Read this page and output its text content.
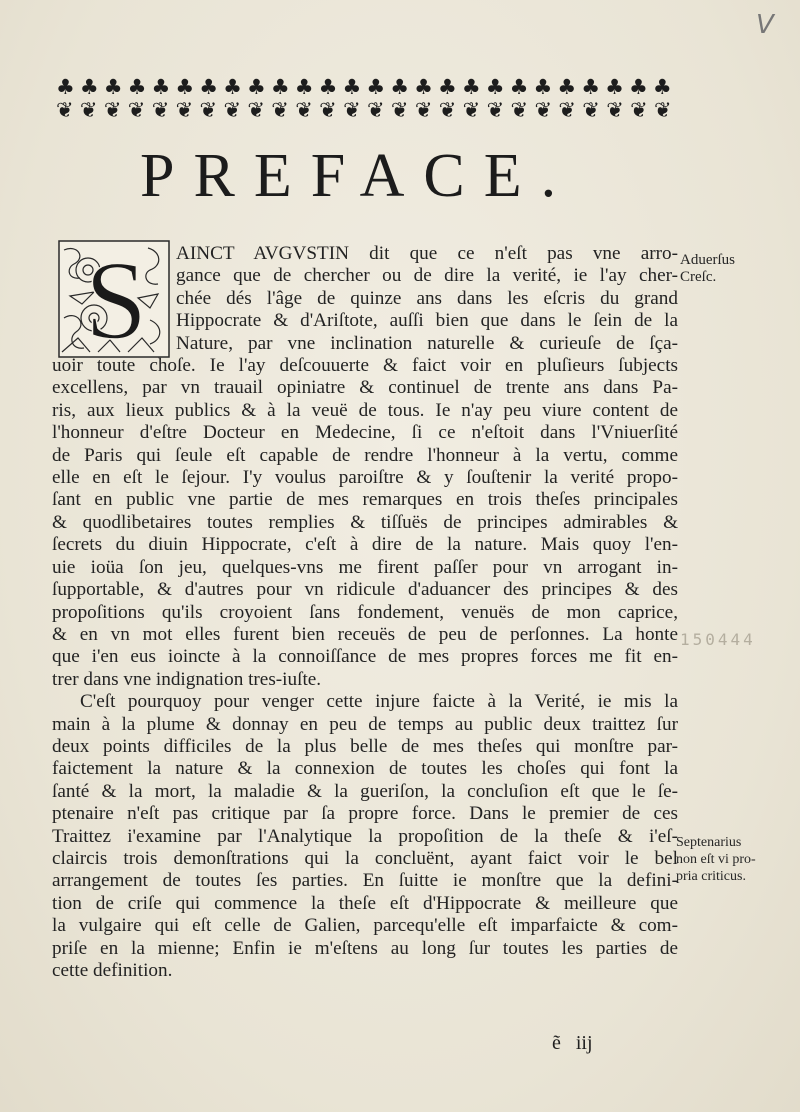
V
♣ ♣ ♣ ♣ ♣ ♣ ♣ ♣ ♣ ♣ ♣ ♣ ♣ ♣ ♣ ♣ ♣ ♣ ♣ ♣ ♣ ♣ ♣ ♣ ♣ ♣
❦ ❦ ❦ ❦ ❦ ❦ ❦ ❦ ❦ ❦ ❦ ❦ ❦ ❦ ❦ ❦ ❦ ❦ ❦ ❦ ❦ ❦ ❦ ❦ ❦ ❦
PREFACE.
S AINCT AVGVSTIN dit que ce n'eſt pas vne arro-
gance que de chercher ou de dire la verité, ie l'ay cher-
chée dés l'âge de quinze ans dans les eſcris du grand
Hippocrate & d'Ariſtote, auſſi bien que dans le ſein de la
Nature, par vne inclination naturelle & curieuſe de ſça-
uoir toute choſe. Ie l'ay deſcouuerte & faict voir en pluſieurs ſubjects
excellens, par vn trauail opiniatre & continuel de trente ans dans Pa-
ris, aux lieux publics & à la veuë de tous. Ie n'ay peu viure content de
l'honneur d'eſtre Docteur en Medecine, ſi ce n'eſtoit dans l'Vniuerſité
de Paris qui ſeule eſt capable de rendre l'honneur à la vertu, comme
elle en eſt le ſejour. I'y voulus paroiſtre & y ſouſtenir la verité propo-
ſant en public vne partie de mes remarques en trois theſes principales
& quodlibetaires toutes remplies & tiſſuës de principes admirables &
ſecrets du diuin Hippocrate, c'eſt à dire de la nature. Mais quoy l'en-
uie ioüa ſon jeu, quelques-vns me firent paſſer pour vn arrogant in-
ſupportable, & d'autres pour vn ridicule d'aduancer des principes & des
propoſitions qu'ils croyoient ſans fondement, venuës de mon caprice,
& en vn mot elles furent bien receuës de peu de perſonnes. La honte
que i'en eus ioincte à la connoiſſance de mes propres forces me fit en-
trer dans vne indignation tres-iuſte.
C'eſt pourquoy pour venger cette injure faicte à la Verité, ie mis la
main à la plume & donnay en peu de temps au public deux traittez ſur
deux points difficiles de la plus belle de mes theſes qui monſtre par-
faictement la nature & la connexion de toutes les choſes qui font la
ſanté & la mort, la maladie & la gueriſon, la concluſion eſt que le ſe-
ptenaire n'eſt pas critique par ſa propre force. Dans le premier de ces
Traittez i'examine par l'Analytique la propoſition de la theſe & i'eſ-
claircis trois demonſtrations qui la concluënt, ayant faict voir le bel
arrangement de toutes ſes parties. En ſuitte ie monſtre que la defini-
tion de criſe qui commence la theſe eſt d'Hippocrate & meilleure que
la vulgaire qui eſt celle de Galien, parcequ'elle eſt imparfaicte & com-
priſe en la mienne; Enfin ie m'eſtens au long ſur toutes les parties de
cette definition.
Aduerſus
Creſc.
Septenarius
non eſt vi pro-
pria criticus.
150444
ẽ iij
